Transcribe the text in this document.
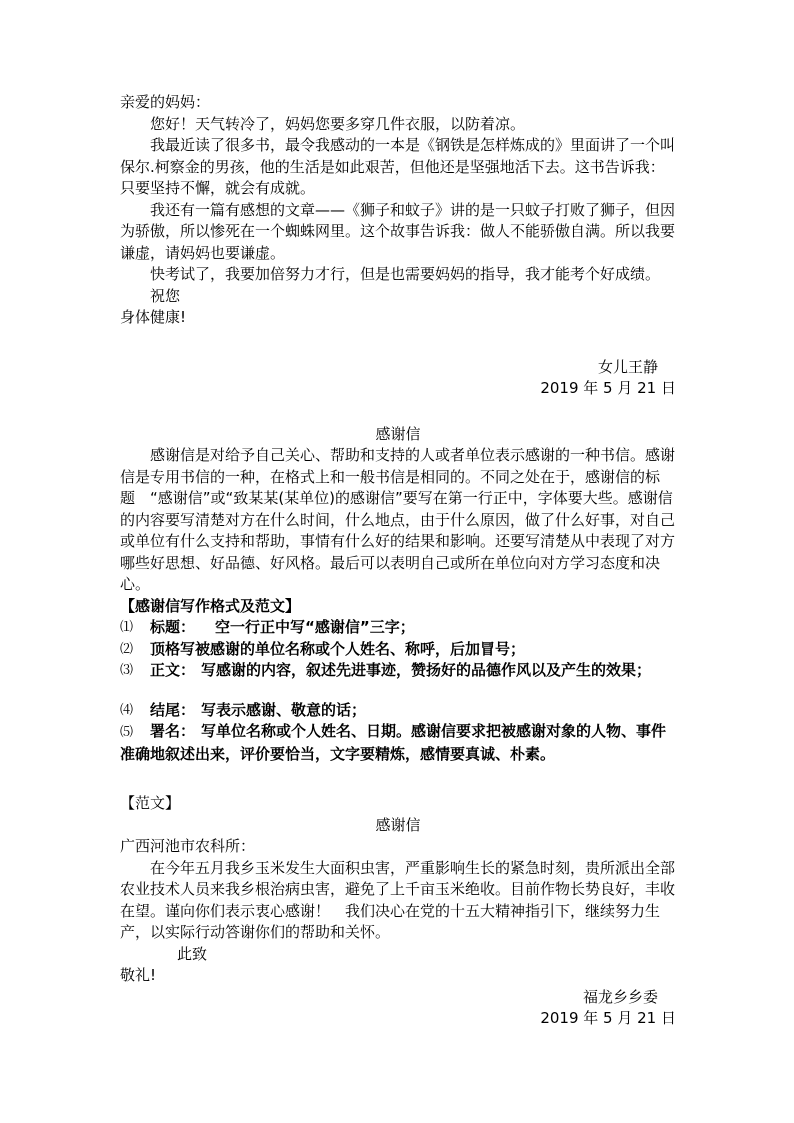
亲爱的妈妈：

您好！天气转冷了，妈妈您要多穿几件衣服，以防着凉。

我最近读了很多书，最令我感动的一本是《钢铁是怎样炼成的》里面讲了一个叫保尔.柯察金的男孩，他的生活是如此艰苦，但他还是坚强地活下去。这书告诉我：只要坚持不懈，就会有成就。

我还有一篇有感想的文章——《狮子和蚊子》讲的是一只蚊子打败了狮子，但因为骄傲，所以惨死在一个蜘蛛网里。这个故事告诉我：做人不能骄傲自满。所以我要谦虚，请妈妈也要谦虚。

快考试了，我要加倍努力才行，但是也需要妈妈的指导，我才能考个好成绩。

祝您

身体健康!

女儿王静

2019 年 5 月 21 日

感谢信

感谢信是对给予自己关心、帮助和支持的人或者单位表示感谢的一种书信。感谢信是专用书信的一种，在格式上和一般书信是相同的。不同之处在于，感谢信的标题　“感谢信”或“致某某(某单位)的感谢信”要写在第一行正中，字体要大些。感谢信的内容要写清楚对方在什么时间，什么地点，由于什么原因，做了什么好事，对自己或单位有什么支持和帮助，事情有什么好的结果和影响。还要写清楚从中表现了对方哪些好思想、好品德、好风格。最后可以表明自己或所在单位向对方学习态度和决心。

【感谢信写作格式及范文】

⑴	标题： 空一行正中写“感谢信”三字；
⑵	顶格写被感谢的单位名称或个人姓名、称呼，后加冒号；
⑶	正文： 写感谢的内容，叙述先进事迹，赞扬好的品德作风以及产生的效果；
⑷	结尾： 写表示感谢、敬意的话；

⑸ 署名： 写单位名称或个人姓名、日期。感谢信要求把被感谢对象的人物、事件准确地叙述出来，评价要恰当，文字要精炼，感情要真诚、朴素。

【范文】

感谢信

广西河池市农科所：

在今年五月我乡玉米发生大面积虫害，严重影响生长的紧急时刻，贵所派出全部农业技术人员来我乡根治病虫害，避免了上千亩玉米绝收。目前作物长势良好，丰收在望。谨向你们表示衷心感谢！　我们决心在党的十五大精神指引下，继续努力生产，以实际行动答谢你们的帮助和关怀。

此致

敬礼!

福龙乡乡委

2019 年 5 月 21 日
